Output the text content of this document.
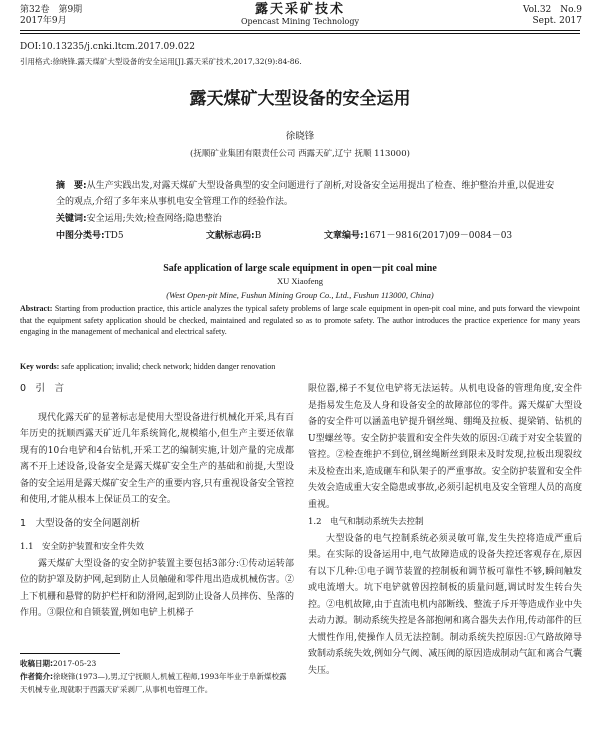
第32卷　第9期
2017年9月
露天采矿技术
Opencast Mining Technology
Vol.32　No.9
Sept. 2017
DOI:10.13235/j.cnki.ltcm.2017.09.022
引用格式:徐晓锋.露天煤矿大型设备的安全运用[J].露天采矿技术,2017,32(9):84-86.
露天煤矿大型设备的安全运用
徐晓锋
(抚顺矿业集团有限责任公司 西露天矿,辽宁 抚顺 113000)
摘　要:从生产实践出发,对露天煤矿大型设备典型的安全问题进行了剖析,对设备安全运用提出了检查、维护整治并重,以促进安全的观点,介绍了多年来从事机电安全管理工作的经验作法。
关键词:安全运用;失效;检查网络;隐患整治
中图分类号:TD5	文献标志码:B	文章编号:1671－9816(2017)09－0084－03
Safe application of large scale equipment in open－pit coal mine
XU Xiaofeng
(West Open-pit Mine, Fushun Mining Group Co., Ltd., Fushun 113000, China)
Abstract: Starting from production practice, this article analyzes the typical safety problems of large scale equipment in open-pit coal mine, and puts forward the viewpoint that the equipment safety application should be checked, maintained and regulated so as to promote safety. The author introduces the practice experience for many years engaging in the management of mechanical and electrical safety.
Key words: safe application; invalid; check network; hidden danger renovation
0　引　言

现代化露天矿的显著标志是使用大型设备进行机械化开采,具有百年历史的抚顺西露天矿近几年系统简化,规模缩小,但生产主要还依靠现有的10台电铲和4台钻机,开采工艺的编制实施,计划产量的完成都离不开上述设备,设备安全是露天煤矿安全生产的基础和前提,大型设备的安全运用是露天煤矿安全生产的重要内容,只有重视设备安全管控和使用,才能从根本上保证员工的安全。

1　大型设备的安全问题剖析
1.1　安全防护装置和安全件失效

露天煤矿大型设备的安全防护装置主要包括3部分:①传动运转部位的防护罩及防护网,起到防止人员触碰和零件甩出造成机械伤害。②上下机栅和悬臂的防护栏杆和防滑网,起到防止设备人员摔伤、坠落的作用。③限位和自锁装置,例如电铲上机梯子

限位器,梯子不复位电铲将无法运转。从机电设备的管理角度,安全件是指易发生危及人身和设备安全的故障部位的零件。露天煤矿大型设备的安全件可以涵盖电铲提升钢丝绳、绷绳及拉板、提梁销、钻机的U型螺丝等。安全防护装置和安全件失效的原因:①疏于对安全装置的管控。②检查维护不到位,钢丝绳断丝到限未及时发现,拉板出现裂纹未及检查出来,造成砸车和队架子的严重事故。安全防护装置和安全件失效会造成重大安全隐患或事故,必须引起机电及安全管理人员的高度重视。

1.2　电气和制动系统失去控制

大型设备的电气控制系统必须灵敏可靠,发生失控将造成严重后果。在实际的设备运用中,电气故障造成的设备失控还客观存在,原因有以下几种:①电子调节装置的控制板和调节板可靠性不够,瞬间触发或电流增大。坑下电铲就曾因控制板的质量问题,调试时发生转台失控。②电机故障,由于直流电机内部断线、整流子斥开等造成作业中失去动力源。制动系统失控是各部抱闸和离合器失去作用,传动部件的巨大惯性作用,使操作人员无法控制。制动系统失控原因:①气路故障导致制动系统失效,例如分气阀、减压阀的原因造成制动气缸和离合气囊失压。

收稿日期:2017-05-23
作者简介:徐晓锋(1973—),男,辽宁抚顺人,机械工程师,1993年毕业于阜新煤校露天机械专业,现就职于西露天矿采剥厂,从事机电管理工作。
